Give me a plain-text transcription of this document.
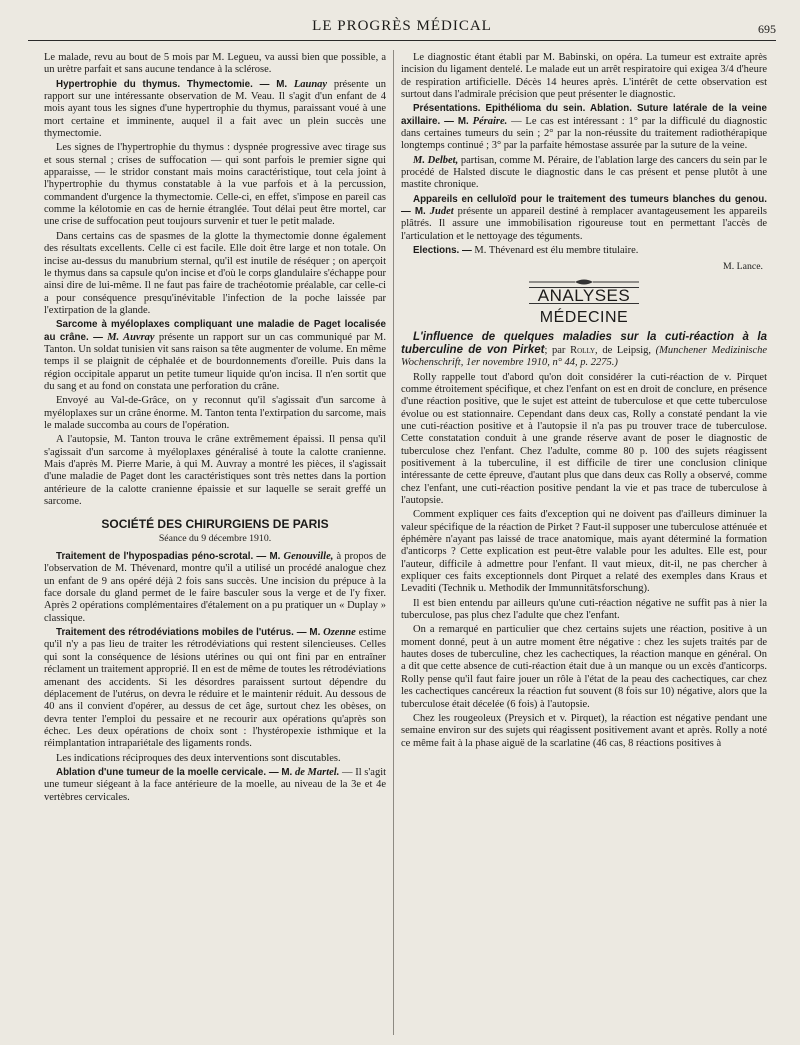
LE PROGRÈS MÉDICAL	695

Le malade, revu au bout de 5 mois par M. Legueu, va aussi bien que possible, a un urètre parfait et sans aucune tendance à la sclérose.

Hypertrophie du thymus. Thymectomie. — M. Launay présente un rapport sur une intéressante observation de M. Veau. Il s'agit d'un enfant de 4 mois ayant tous les signes d'une hypertrophie du thymus, paraissant voué à une mort certaine et imminente, auquel il a fait avec un plein succès une thymectomie.

Les signes de l'hypertrophie du thymus : dyspnée progressive avec tirage sus et sous sternal ; crises de suffocation — qui sont parfois le premier signe qui apparaisse, — le stridor constant mais moins caractéristique, tout cela joint à l'hypertrophie du thymus constatable à la vue parfois et à la percussion, commandent d'urgence la thymectomie. Celle-ci, en effet, s'impose en pareil cas comme la kélotomie en cas de hernie étranglée. Tout délai peut être mortel, car une crise de suffocation peut toujours survenir et tuer le petit malade.

Dans certains cas de spasmes de la glotte la thymectomie donne également des résultats excellents. Celle ci est facile. Elle doit être large et non totale. On incise au-dessus du manubrium sternal, qu'il est inutile de réséquer ; on aperçoit le thymus dans sa capsule qu'on incise et d'où le corps glandulaire s'échappe pour ainsi dire de lui-même. Il ne faut pas faire de trachéotomie préalable, car celle-ci a pour conséquence presqu'inévitable l'infection de la poche laissée par l'extirpation de la glande.

Sarcome à myéloplaxes compliquant une maladie de Paget localisée au crâne. — M. Auvray présente un rapport sur un cas communiqué par M. Tanton. Un soldat tunisien vit sans raison sa tête augmenter de volume. En même temps il se plaignit de céphalée et de bourdonnements d'oreille. Puis dans la région occipitale apparut un petite tumeur liquide qu'on incisa. Il n'en sortit que du sang et au fond on constata une perforation du crâne.

Envoyé au Val-de-Grâce, on y reconnut qu'il s'agissait d'un sarcome à myéloplaxes sur un crâne énorme. M. Tanton tenta l'extirpation du sarcome, mais le malade succomba au cours de l'opération.

A l'autopsie, M. Tanton trouva le crâne extrêmement épaissi. Il pensa qu'il s'agissait d'un sarcome à myéloplaxes généralisé à toute la calotte cranienne. Mais d'après M. Pierre Marie, à qui M. Auvray a montré les pièces, il s'agissait d'une maladie de Paget dont les caractéristiques sont très nettes dans la portion antérieure de la calotte cranienne épaissie et sur laquelle se serait greffé un sarcome.

SOCIÉTÉ DES CHIRURGIENS DE PARIS

Séance du 9 décembre 1910.

Traitement de l'hypospadias péno-scrotal. — M. Genouville, à propos de l'observation de M. Thévenard, montre qu'il a utilisé un procédé analogue chez un enfant de 9 ans opéré déjà 2 fois sans succès. Une incision du prépuce à la face dorsale du gland permet de le faire basculer sous la verge et de l'y fixer. Après 2 opérations complémentaires d'étalement on a pu pratiquer un « Duplay » classique.

Traitement des rétrodéviations mobiles de l'utérus. — M. Ozenne estime qu'il n'y a pas lieu de traiter les rétrodéviations qui restent silencieuses. Celles qui sont la conséquence de lésions utérines ou qui ont fini par en entraîner réclament un traitement approprié. Il en est de même de toutes les rétrodéviations amenant des accidents. Si les désordres paraissent surtout dépendre du déplacement de l'utérus, on devra le réduire et le maintenir réduit. Au dessous de 40 ans il convient d'opérer, au dessus de cet âge, surtout chez les obèses, on devra tenter l'emploi du pessaire et ne recourir aux opérations qu'après son échec. Les deux opérations de choix sont : l'hystéropexie isthmique et la réimplantation intrapariétale des ligaments ronds.

Les indications réciproques des deux interventions sont discutables.

Ablation d'une tumeur de la moelle cervicale. — M. de Martel. — Il s'agit une tumeur siégeant à la face antérieure de la moelle, au niveau de la 3e et 4e vertèbres cervicales.

Le diagnostic étant établi par M. Babinski, on opéra. La tumeur est extraite après incision du ligament dentelé. Le malade eut un arrêt respiratoire qui exigea 3/4 d'heure de respiration artificielle. Décès 14 heures après. L'intérêt de cette observation est surtout dans l'admirale précision que peut présenter le diagnostic.

Présentations. Epithélioma du sein. Ablation. Suture latérale de la veine axillaire. — M. Péraire. — Le cas est intéressant : 1° par la difficulé du diagnostic dans certaines tumeurs du sein ; 2° par la non-réussite du traitement radiothérapique longtemps continué ; 3° par la parfaite hémostase assurée par la suture de la veine.

M. Delbet, partisan, comme M. Péraire, de l'ablation large des cancers du sein par le procédé de Halsted discute le diagnostic dans le cas présent et pense plutôt à une mastite chronique.

Appareils en celluloïd pour le traitement des tumeurs blanches du genou. — M. Judet présente un appareil destiné à remplacer avantageusement les appareils plâtrés. Il assure une immobilisation rigoureuse tout en permettant l'accès de l'articulation et le nettoyage des téguments.

Elections. — M. Thévenard est élu membre titulaire.

M. Lance.

ANALYSES

MÉDECINE

L'influence de quelques maladies sur la cuti-réaction à la tuberculine de von Pirket; par Rolly, de Leipsig, (Munchener Medizinische Wochenschrift, 1er novembre 1910, n° 44, p. 2275.)

Rolly rappelle tout d'abord qu'on doit considérer la cuti-réaction de v. Pirquet comme étroitement spécifique, et chez l'enfant on est en droit de conclure, en présence d'une réaction positive, que le sujet est atteint de tuberculose et que cette tuberculose évolue ou est stationnaire. Cependant dans deux cas, Rolly a constaté pendant la vie une cuti-réaction positive et à l'autopsie il n'a pas pu trouver trace de tuberculose. Cette constatation conduit à une grande réserve avant de poser le diagnostic de tuberculose chez l'enfant. Chez l'adulte, comme 80 p. 100 des sujets réagissent positivement à la tuberculine, il est difficile de tirer une conclusion clinique intéressante de cette épreuve, d'autant plus que dans deux cas Rolly a observé, comme chez l'enfant, une cuti-réaction positive pendant la vie et pas trace de tuberculose à l'autopsie.

Comment expliquer ces faits d'exception qui ne doivent pas d'ailleurs diminuer la valeur spécifique de la réaction de Pirket ? Faut-il supposer une tuberculose atténuée et éphémère n'ayant pas laissé de trace anatomique, mais ayant déterminé la formation d'anticorps ? Cette explication est peut-être valable pour les adultes. Elle est, pour l'auteur, difficile à admettre pour l'enfant. Il vaut mieux, dit-il, ne pas chercher à expliquer ces faits exceptionnels dont Pirquet a relaté des exemples dans Kraus et Levaditi (Technik u. Methodik der Immunnitätsforschung).

Il est bien entendu par ailleurs qu'une cuti-réaction négative ne suffit pas à nier la tuberculose, pas plus chez l'adulte que chez l'enfant.

On a remarqué en particulier que chez certains sujets une réaction, positive à un moment donné, peut à un autre moment être négative : chez les sujets traités par de hautes doses de tuberculine, chez les cachectiques, la réaction manque en général. On a dit que cette absence de cuti-réaction était due à un manque ou un excès d'anticorps. Rolly pense qu'il faut faire jouer un rôle à l'état de la peau des cachectiques, car chez les cachectiques cancéreux la réaction fut souvent (8 fois sur 10) négative, alors que la tuberculose était décelée (6 fois) à l'autopsie.

Chez les rougeoleux (Preysich et v. Pirquet), la réaction est négative pendant une semaine environ sur des sujets qui réagissent positivement avant et après. Rolly a noté ce même fait à la phase aiguë de la scarlatine (46 cas, 8 réactions positives à
